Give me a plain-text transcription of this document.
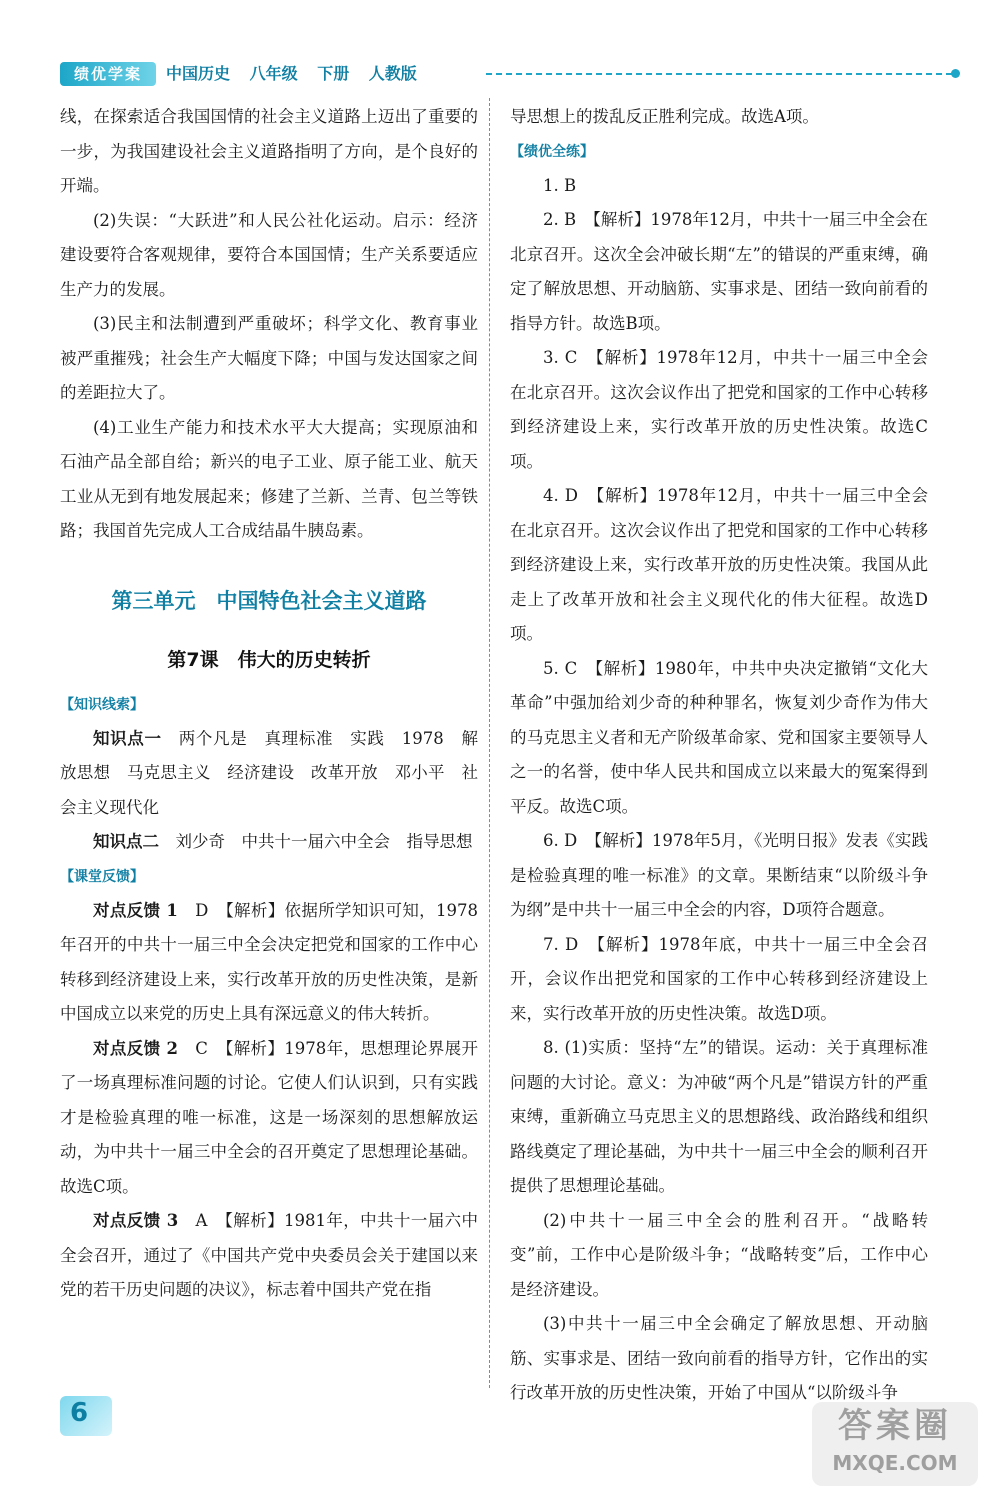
绩优学案	中国历史 八年级 下册 人教版

线，在探索适合我国国情的社会主义道路上迈出了重要的一步，为我国建设社会主义道路指明了方向，是个良好的开端。

(2)失误：“大跃进”和人民公社化运动。启示：经济建设要符合客观规律，要符合本国国情；生产关系要适应生产力的发展。

(3)民主和法制遭到严重破坏；科学文化、教育事业被严重摧残；社会生产大幅度下降；中国与发达国家之间的差距拉大了。

(4)工业生产能力和技术水平大大提高；实现原油和石油产品全部自给；新兴的电子工业、原子能工业、航天工业从无到有地发展起来；修建了兰新、兰青、包兰等铁路；我国首先完成人工合成结晶牛胰岛素。

第三单元　中国特色社会主义道路
第7课　伟大的历史转折
【知识线索】

知识点一　 两个凡是　真理标准　实践　1978　解放思想　马克思主义　经济建设　改革开放　邓小平　社会主义现代化

知识点二　 刘少奇　中共十一届六中全会　指导思想

【课堂反馈】

对点反馈 1　 D　【解析】依据所学知识可知，1978年召开的中共十一届三中全会决定把党和国家的工作中心转移到经济建设上来，实行改革开放的历史性决策，是新中国成立以来党的历史上具有深远意义的伟大转折。

对点反馈 2　 C　【解析】1978年，思想理论界展开了一场真理标准问题的讨论。它使人们认识到，只有实践才是检验真理的唯一标准，这是一场深刻的思想解放运动，为中共十一届三中全会的召开奠定了思想理论基础。故选C项。

对点反馈 3　 A　【解析】1981年，中共十一届六中全会召开，通过了《中国共产党中央委员会关于建国以来党的若干历史问题的决议》，标志着中国共产党在指

导思想上的拨乱反正胜利完成。故选A项。

【绩优全练】

1. B

2. B　【解析】1978年12月，中共十一届三中全会在北京召开。这次全会冲破长期“左”的错误的严重束缚，确定了解放思想、开动脑筋、实事求是、团结一致向前看的指导方针。故选B项。

3. C　【解析】1978年12月，中共十一届三中全会在北京召开。这次会议作出了把党和国家的工作中心转移到经济建设上来，实行改革开放的历史性决策。故选C项。

4. D　【解析】1978年12月，中共十一届三中全会在北京召开。这次会议作出了把党和国家的工作中心转移到经济建设上来，实行改革开放的历史性决策。我国从此走上了改革开放和社会主义现代化的伟大征程。故选D项。

5. C　【解析】1980年，中共中央决定撤销“文化大革命”中强加给刘少奇的种种罪名，恢复刘少奇作为伟大的马克思主义者和无产阶级革命家、党和国家主要领导人之一的名誉，使中华人民共和国成立以来最大的冤案得到平反。故选C项。

6. D　【解析】1978年5月，《光明日报》发表《实践是检验真理的唯一标准》的文章。果断结束“以阶级斗争为纲”是中共十一届三中全会的内容，D项符合题意。

7. D　【解析】1978年底，中共十一届三中全会召开，会议作出把党和国家的工作中心转移到经济建设上来，实行改革开放的历史性决策。故选D项。

8. (1)实质：坚持“左”的错误。运动：关于真理标准问题的大讨论。意义：为冲破“两个凡是”错误方针的严重束缚，重新确立马克思主义的思想路线、政治路线和组织路线奠定了理论基础，为中共十一届三中全会的顺利召开提供了思想理论基础。

(2)中共十一届三中全会的胜利召开。“战略转变”前，工作中心是阶级斗争；“战略转变”后，工作中心是经济建设。

(3)中共十一届三中全会确定了解放思想、开动脑筋、实事求是、团结一致向前看的指导方针，它作出的实行改革开放的历史性决策，开始了中国从“以阶级斗争

6	答案圈
MXQE.COM
